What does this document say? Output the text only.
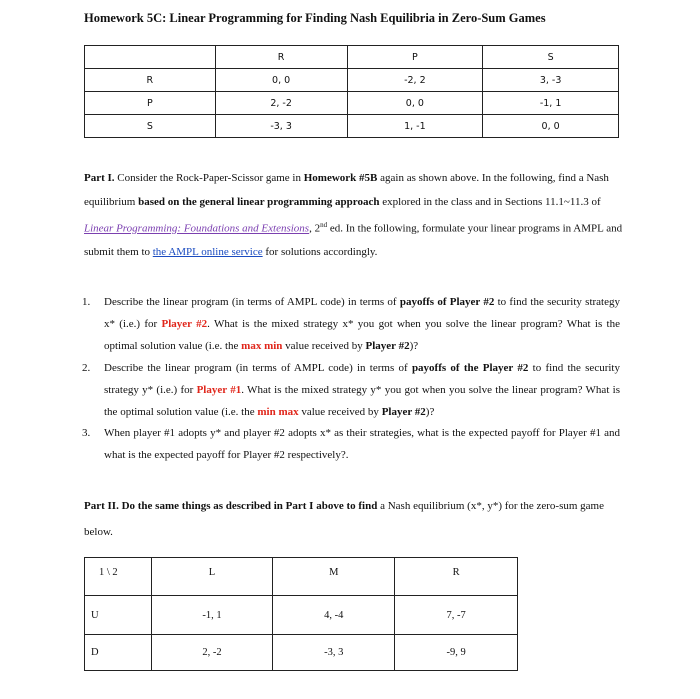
Homework 5C: Linear Programming for Finding Nash Equilibria in Zero-Sum Games
	R	P	S
R	0, 0	-2, 2	3, -3
P	2, -2	0, 0	-1, 1
S	-3, 3	1, -1	0, 0
Part I. Consider the Rock-Paper-Scissor game in Homework #5B again as shown above. In the following, find a Nash equilibrium based on the general linear programming approach explored in the class and in Sections 11.1~11.3 of Linear Programming: Foundations and Extensions, 2nd ed. In the following, formulate your linear programs in AMPL and submit them to the AMPL online service for solutions accordingly.
1. Describe the linear program (in terms of AMPL code) in terms of payoffs of Player #2 to find the security strategy x* (i.e.) for Player #2. What is the mixed strategy x* you got when you solve the linear program? What is the optimal solution value (i.e. the max min value received by Player #2)?
2. Describe the linear program (in terms of AMPL code) in terms of payoffs of the Player #2 to find the security strategy y* (i.e.) for Player #1. What is the mixed strategy y* you got when you solve the linear program? What is the optimal solution value (i.e. the min max value received by Player #2)?
3. When player #1 adopts y* and player #2 adopts x* as their strategies, what is the expected payoff for Player #1 and what is the expected payoff for Player #2 respectively?.
Part II. Do the same things as described in Part I above to find a Nash equilibrium (x*, y*) for the zero-sum game below.
1 \ 2	L	M	R
U	-1, 1	4, -4	7, -7
D	2, -2	-3, 3	-9, 9
